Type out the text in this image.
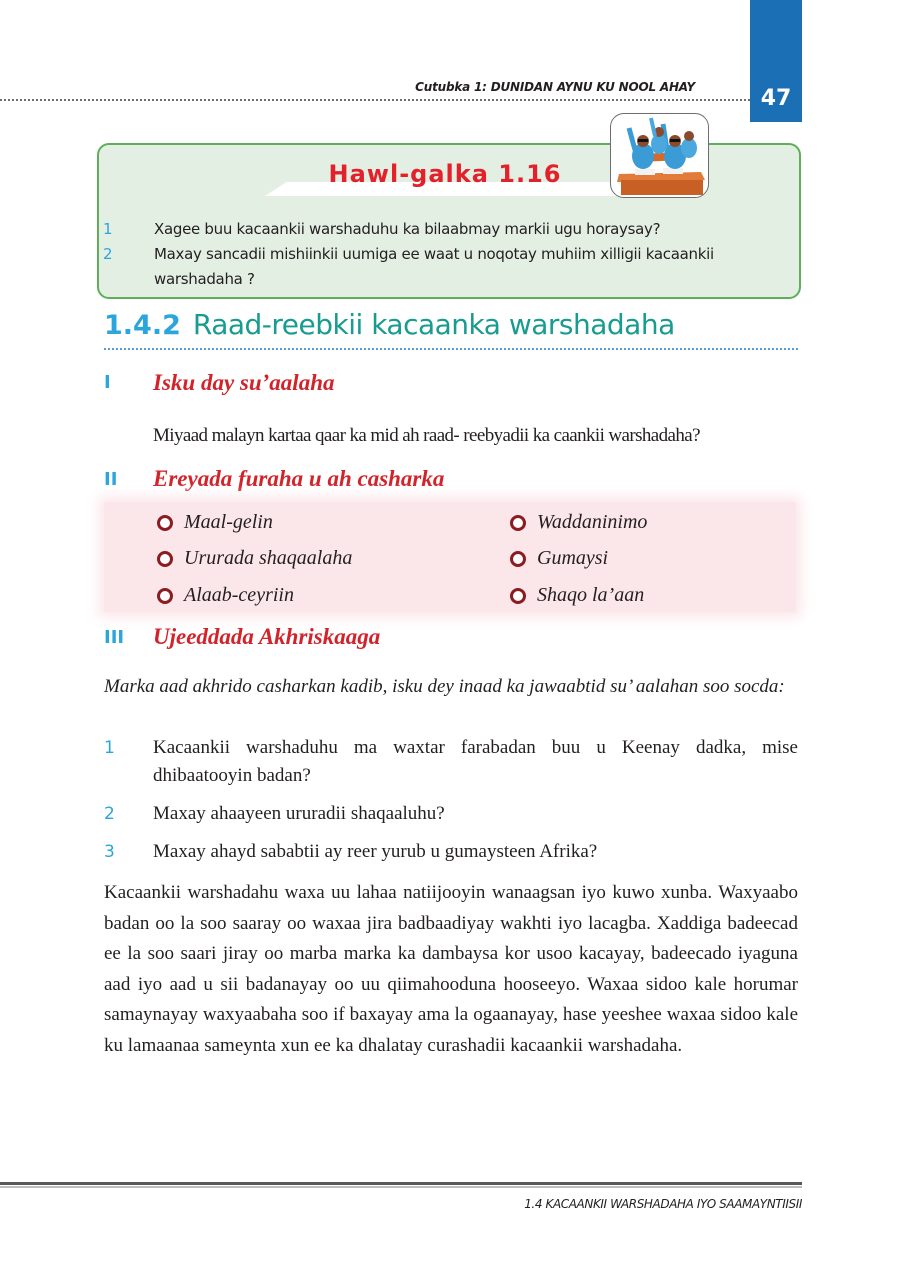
47
Cutubka 1: DUNIDAN AYNU KU NOOL AHAY
Hawl-galka 1.16
1	Xagee buu kacaankii warshaduhu ka bilaabmay markii ugu horaysay?
2	Maxay sancadii mishiinkii uumiga ee waat u noqotay muhiim xilligii kacaankii warshadaha ?
1.4.2 Raad-reebkii kacaanka warshadaha
I Isku day su’aalaha
Miyaad malayn kartaa qaar ka mid ah raad- reebyadii ka caankii warshadaha?
II Ereyada furaha u ah casharka
Maal-gelin
Ururada shaqaalaha
Alaab-ceyriin
Waddaninimo
Gumaysi
Shaqo la’aan
III Ujeeddada Akhriskaaga
Marka aad akhrido casharkan kadib, isku dey inaad ka jawaabtid su’ aalahan soo socda:
1	Kacaankii warshaduhu ma waxtar farabadan buu u Keenay dadka, mise dhibaatooyin badan?
2	Maxay ahaayeen ururadii shaqaaluhu?
3	Maxay ahayd sababtii ay reer yurub u gumaysteen Afrika?
Kacaankii warshadahu waxa uu lahaa natiijooyin wanaagsan iyo kuwo xunba. Waxyaabo badan oo la soo saaray oo waxaa jira badbaadiyay wakhti iyo lacagba. Xaddiga badeecad ee la soo saari jiray oo marba marka ka dambaysa kor usoo kacayay, badeecado iyaguna aad iyo aad u sii badanayay oo uu qiimahooduna hooseeyo. Waxaa sidoo kale horumar samaynayay waxyaabaha soo if baxayay ama la ogaanayay, hase yeeshee waxaa sidoo kale ku lamaanaa sameynta xun ee ka dhalatay curashadii kacaankii warshadaha.
1.4 KACAANKII WARSHADAHA IYO SAAMAYNTIISII
